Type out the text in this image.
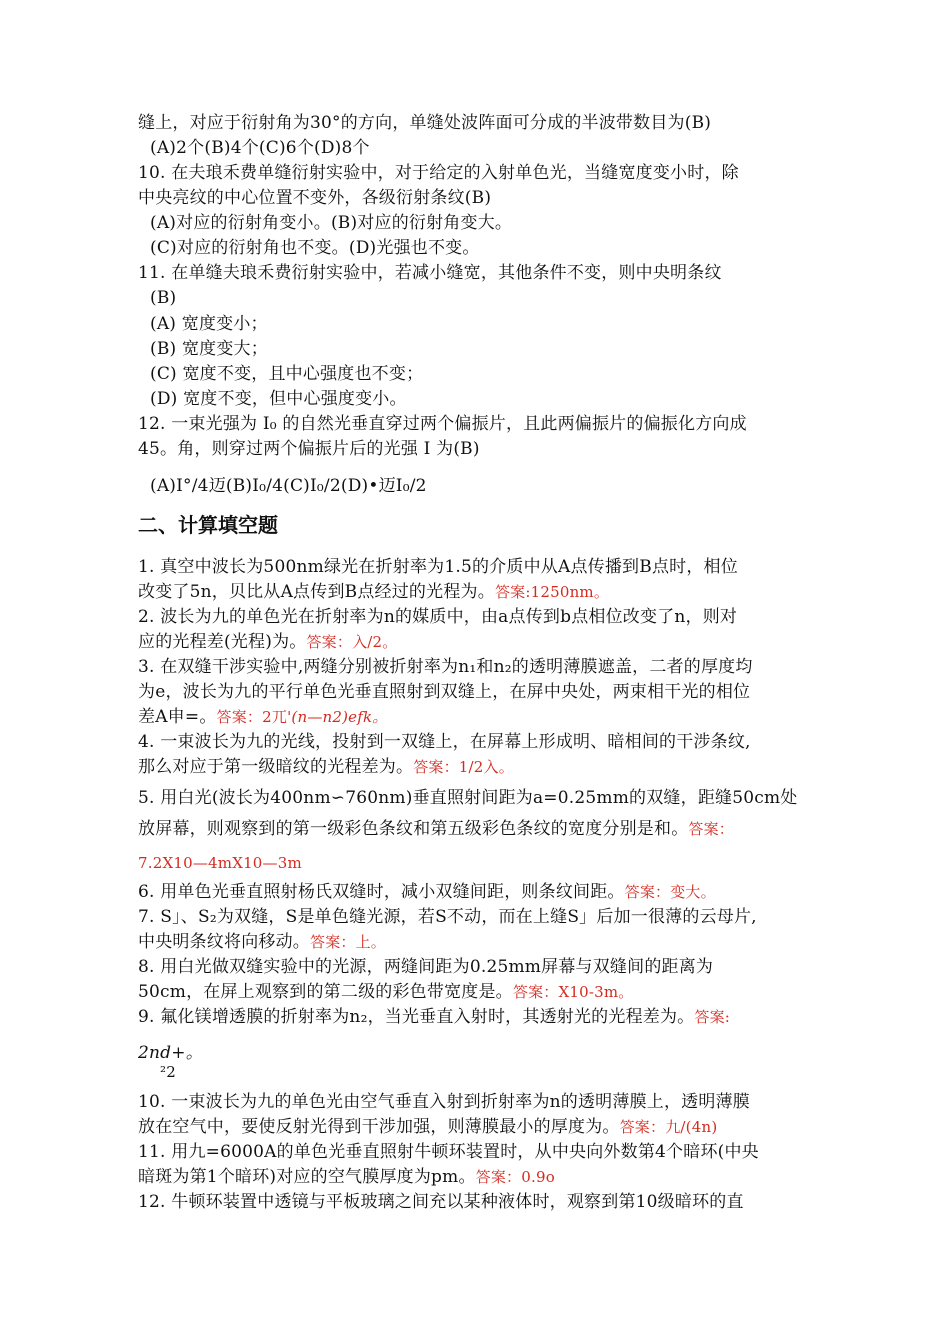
缝上，对应于衍射角为30°的方向，单缝处波阵面可分成的半波带数目为(B)
(A)2个(B)4个(C)6个(D)8个
10. 在夫琅禾费单缝衍射实验中，对于给定的入射单色光，当缝宽度变小时，除
中央亮纹的中心位置不变外，各级衍射条纹(B)
(A)对应的衍射角变小。(B)对应的衍射角变大。
(C)对应的衍射角也不变。(D)光强也不变。
11. 在单缝夫琅禾费衍射实验中，若减小缝宽，其他条件不变，则中央明条纹
(B)
(A) 宽度变小；
(B) 宽度变大；
(C) 宽度不变，且中心强度也不变；
(D) 宽度不变，但中心强度变小。
12. 一束光强为 I₀ 的自然光垂直穿过两个偏振片，且此两偏振片的偏振化方向成
45。角，则穿过两个偏振片后的光强 I 为(B)
(A)I°/4迈(B)I₀/4(C)I₀/2(D)•迈I₀/2
二、计算填空题
1. 真空中波长为500nm绿光在折射率为1.5的介质中从A点传播到B点时，相位
改变了5n，贝比从A点传到B点经过的光程为。答案:1250nm。
2. 波长为九的单色光在折射率为n的媒质中，由a点传到b点相位改变了n，则对
应的光程差(光程)为。答案：入/2。
3. 在双缝干涉实验中,两缝分别被折射率为n₁和n₂的透明薄膜遮盖，二者的厚度均
为e，波长为九的平行单色光垂直照射到双缝上，在屏中央处，两束相干光的相位
差A申=。答案：2兀'(n—n2)efk。
4. 一束波长为九的光线，投射到一双缝上，在屏幕上形成明、暗相间的干涉条纹,
那么对应于第一级暗纹的光程差为。答案：1/2入。
5. 用白光(波长为400nm∽760nm)垂直照射间距为a=0.25mm的双缝，距缝50cm处
放屏幕，则观察到的第一级彩色条纹和第五级彩色条纹的宽度分别是和。答案：
7.2X10—4mX10—3m
6. 用单色光垂直照射杨氏双缝时，减小双缝间距，则条纹间距。答案：变大。
7. S」、S₂为双缝，S是单色缝光源，若S不动，而在上缝S」后加一很薄的云母片,
中央明条纹将向移动。答案：上。
8. 用白光做双缝实验中的光源，两缝间距为0.25mm屏幕与双缝间的距离为
50cm，在屏上观察到的第二级的彩色带宽度是。答案：X10-3m。
9. 氟化镁增透膜的折射率为n₂，当光垂直入射时，其透射光的光程差为。答案:
2nd+。
²2
10. 一束波长为九的单色光由空气垂直入射到折射率为n的透明薄膜上，透明薄膜
放在空气中，要使反射光得到干涉加强，则薄膜最小的厚度为。答案：九/(4n)
11. 用九=6000A的单色光垂直照射牛顿环装置时，从中央向外数第4个暗环(中央
暗斑为第1个暗环)对应的空气膜厚度为pm。答案：0.9o
12. 牛顿环装置中透镜与平板玻璃之间充以某种液体时，观察到第10级暗环的直
